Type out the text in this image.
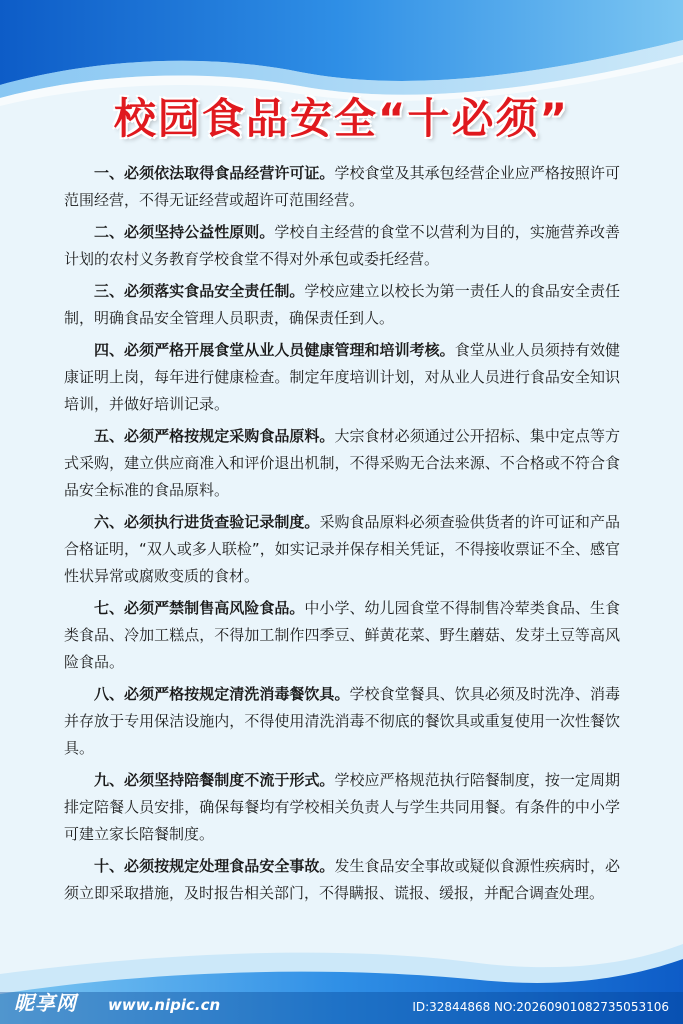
校园食品安全“十必须”

一、必须依法取得食品经营许可证。学校食堂及其承包经营企业应严格按照许可范围经营，不得无证经营或超许可范围经营。

二、必须坚持公益性原则。学校自主经营的食堂不以营利为目的，实施营养改善计划的农村义务教育学校食堂不得对外承包或委托经营。

三、必须落实食品安全责任制。学校应建立以校长为第一责任人的食品安全责任制，明确食品安全管理人员职责，确保责任到人。

四、必须严格开展食堂从业人员健康管理和培训考核。食堂从业人员须持有效健康证明上岗，每年进行健康检查。制定年度培训计划，对从业人员进行食品安全知识培训，并做好培训记录。

五、必须严格按规定采购食品原料。大宗食材必须通过公开招标、集中定点等方式采购，建立供应商准入和评价退出机制，不得采购无合法来源、不合格或不符合食品安全标准的食品原料。

六、必须执行进货查验记录制度。采购食品原料必须查验供货者的许可证和产品合格证明，“双人或多人联检”，如实记录并保存相关凭证，不得接收票证不全、感官性状异常或腐败变质的食材。

七、必须严禁制售高风险食品。中小学、幼儿园食堂不得制售冷荤类食品、生食类食品、冷加工糕点，不得加工制作四季豆、鲜黄花菜、野生蘑菇、发芽土豆等高风险食品。

八、必须严格按规定清洗消毒餐饮具。学校食堂餐具、饮具必须及时洗净、消毒并存放于专用保洁设施内，不得使用清洗消毒不彻底的餐饮具或重复使用一次性餐饮具。

九、必须坚持陪餐制度不流于形式。学校应严格规范执行陪餐制度，按一定周期排定陪餐人员安排，确保每餐均有学校相关负责人与学生共同用餐。有条件的中小学可建立家长陪餐制度。

十、必须按规定处理食品安全事故。发生食品安全事故或疑似食源性疾病时，必须立即采取措施，及时报告相关部门，不得瞒报、谎报、缓报，并配合调查处理。

昵享网 www.nipic.cn	ID:32844868 NO:20260901082735053106
